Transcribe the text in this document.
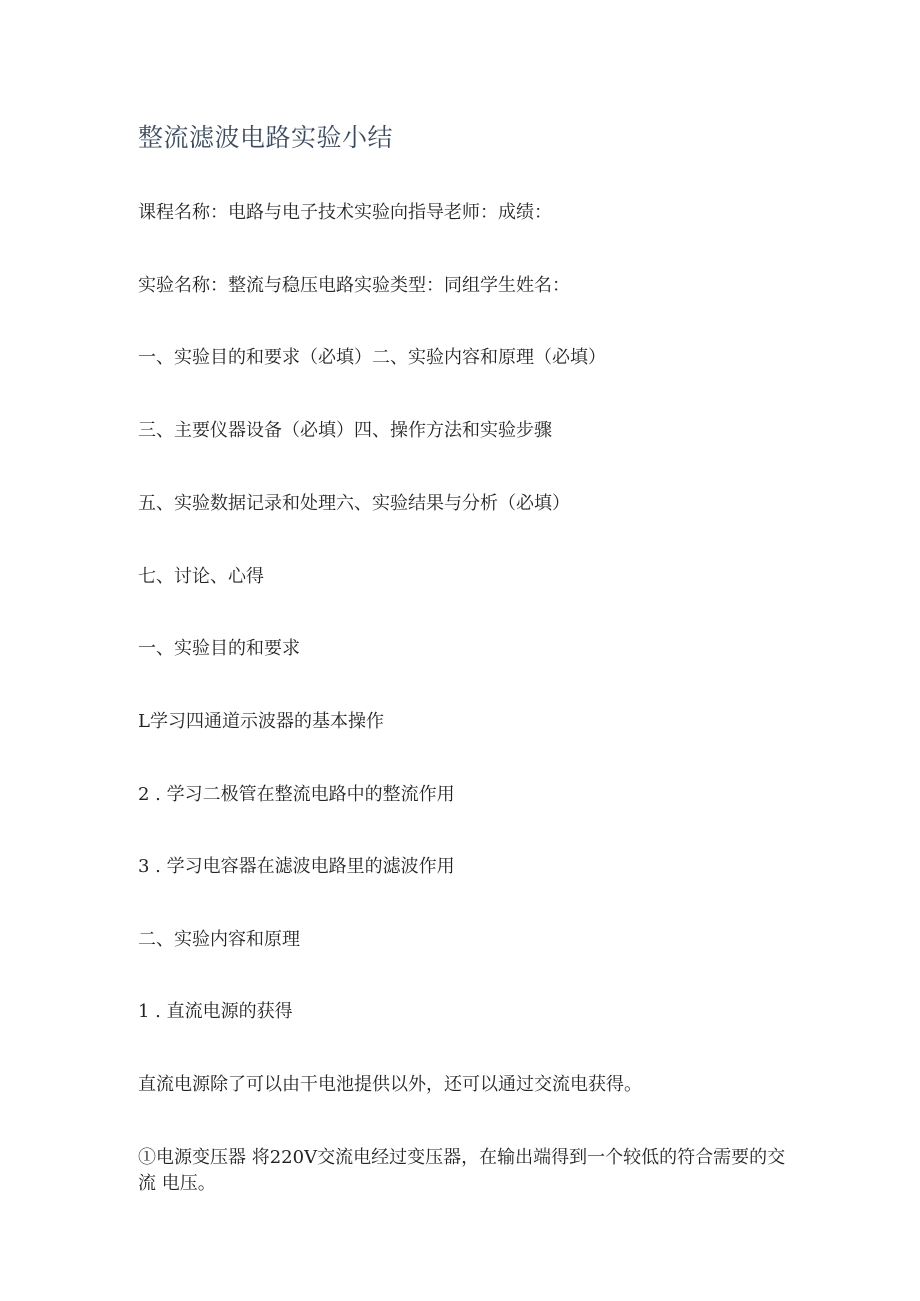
整流滤波电路实验小结
课程名称：电路与电子技术实验向指导老师：成绩：
实验名称：整流与稳压电路实验类型：同组学生姓名：
一、实验目的和要求（必填）二、实验内容和原理（必填）
三、主要仪器设备（必填）四、操作方法和实验步骤
五、实验数据记录和处理六、实验结果与分析（必填）
七、讨论、心得
一、实验目的和要求
L学习四通道示波器的基本操作
2 . 学习二极管在整流电路中的整流作用
3 . 学习电容器在滤波电路里的滤波作用
二、实验内容和原理
1 . 直流电源的获得
直流电源除了可以由干电池提供以外，还可以通过交流电获得。
①电源变压器 将220V交流电经过变压器，在输出端得到一个较低的符合需要的交流 电压。
